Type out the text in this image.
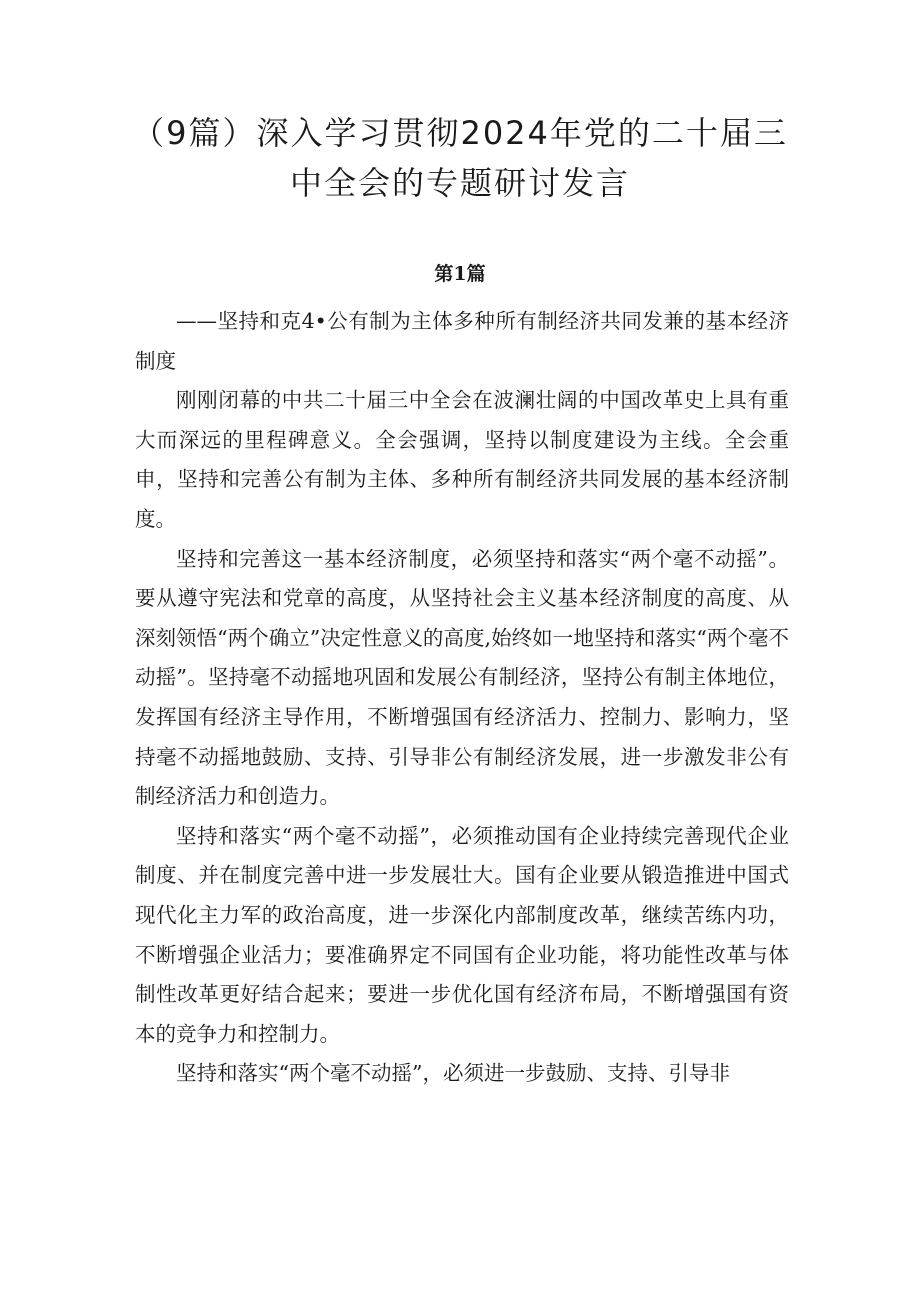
（9篇）深入学习贯彻2024年党的二十届三
中全会的专题研讨发言
第1篇

——坚持和克4•公有制为主体多种所有制经济共同发兼的基本经济制度

刚刚闭幕的中共二十届三中全会在波澜壮阔的中国改革史上具有重大而深远的里程碑意义。全会强调，坚持以制度建设为主线。全会重申，坚持和完善公有制为主体、多种所有制经济共同发展的基本经济制度。

坚持和完善这一基本经济制度，必须坚持和落实“两个毫不动摇”。要从遵守宪法和党章的高度，从坚持社会主义基本经济制度的高度、从深刻领悟“两个确立”决定性意义的高度,始终如一地坚持和落实“两个毫不动摇”。坚持毫不动摇地巩固和发展公有制经济，坚持公有制主体地位，发挥国有经济主导作用，不断增强国有经济活力、控制力、影响力，坚持毫不动摇地鼓励、支持、引导非公有制经济发展，进一步激发非公有制经济活力和创造力。

坚持和落实“两个毫不动摇”，必须推动国有企业持续完善现代企业制度、并在制度完善中进一步发展壮大。国有企业要从锻造推进中国式现代化主力军的政治高度，进一步深化内部制度改革，继续苦练内功，不断增强企业活力；要准确界定不同国有企业功能，将功能性改革与体制性改革更好结合起来；要进一步优化国有经济布局，不断增强国有资本的竞争力和控制力。

坚持和落实“两个毫不动摇”，必须进一步鼓励、支持、引导非
